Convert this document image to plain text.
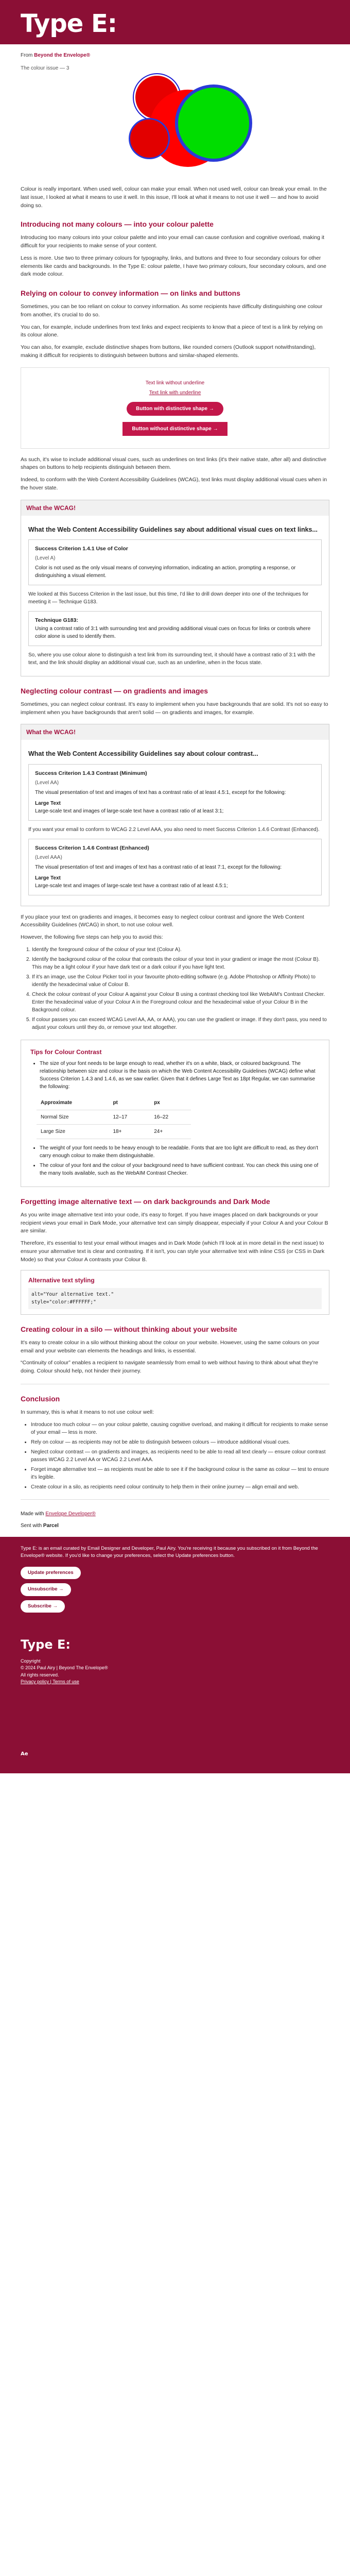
Type E:
From Beyond the Envelope®
The colour issue — 3

Colour is really important. When used well, colour can make your email. When not used well, colour can break your email. In the last issue, I looked at what it means to use it well. In this issue, I'll look at what it means to not use it well — and how to avoid doing so.

Introducing not many colours — into your colour palette

Introducing too many colours into your colour palette and into your email can cause confusion and cognitive overload, making it difficult for your recipients to make sense of your content.

Less is more. Use two to three primary colours for typography, links, and buttons and three to four secondary colours for other elements like cards and backgrounds. In the Type E: colour palette, I have two primary colours, four secondary colours, and one dark mode colour.

Relying on colour to convey information — on links and buttons

Sometimes, you can be too reliant on colour to convey information. As some recipients have difficulty distinguishing one colour from another, it's crucial to do so.

You can, for example, include underlines from text links and expect recipients to know that a piece of text is a link by relying on its colour alone.

You can also, for example, exclude distinctive shapes from buttons, like rounded corners (Outlook support notwithstanding), making it difficult for recipients to distinguish between buttons and similar-shaped elements.

Text link without underline
Text link with underline
Button with distinctive shape →
Button without distinctive shape →

As such, it's wise to include additional visual cues, such as underlines on text links (it's their native state, after all) and distinctive shapes on buttons to help recipients distinguish between them.

Indeed, to conform with the Web Content Accessibility Guidelines (WCAG), text links must display additional visual cues when in the hover state.

What the WCAG!
What the Web Content Accessibility Guidelines say about additional visual cues on text links...
Success Criterion 1.4.1 Use of Color
(Level A)
Color is not used as the only visual means of conveying information, indicating an action, prompting a response, or distinguishing a visual element.

We looked at this Success Criterion in the last issue, but this time, I'd like to drill down deeper into one of the techniques for meeting it — Technique G183.

Technique G183:
Using a contrast ratio of 3:1 with surrounding text and providing additional visual cues on focus for links or controls where color alone is used to identify them.

So, where you use colour alone to distinguish a text link from its surrounding text, it should have a contrast ratio of 3:1 with the text, and the link should display an additional visual cue, such as an underline, when in the focus state.

Neglecting colour contrast — on gradients and images

Sometimes, you can neglect colour contrast. It's easy to implement when you have backgrounds that are solid. It's not so easy to implement when you have backgrounds that aren't solid — on gradients and images, for example.

What the WCAG!
What the Web Content Accessibility Guidelines say about colour contrast...
Success Criterion 1.4.3 Contrast (Minimum)
(Level AA)
The visual presentation of text and images of text has a contrast ratio of at least 4.5:1, except for the following:
Large Text
Large-scale text and images of large-scale text have a contrast ratio of at least 3:1;

If you want your email to conform to WCAG 2.2 Level AAA, you also need to meet Success Criterion 1.4.6 Contrast (Enhanced).

Success Criterion 1.4.6 Contrast (Enhanced)
(Level AAA)
The visual presentation of text and images of text has a contrast ratio of at least 7:1, except for the following:
Large Text
Large-scale text and images of large-scale text have a contrast ratio of at least 4.5:1;

If you place your text on gradients and images, it becomes easy to neglect colour contrast and ignore the Web Content Accessibility Guidelines (WCAG) in short, to not use colour well.

However, the following five steps can help you to avoid this:

1. Identify the foreground colour of the colour of your text (Colour A).
2. Identify the background colour of the colour that contrasts the colour of your text in your gradient or image the most (Colour B). This may be a light colour if your have dark text or a dark colour if you have light text.
3. If it's an image, use the Colour Picker tool in your favourite photo-editing software (e.g. Adobe Photoshop or Affinity Photo) to identify the hexadecimal value of Colour B.
4. Check the colour contrast of your Colour A against your Colour B using a contrast checking tool like WebAIM's Contrast Checker. Enter the hexadecimal value of your Colour A in the Foreground colour and the hexadecimal value of your Colour B in the Background colour.
5. If colour passes you can exceed WCAG Level AA, AA, or AAA), you can use the gradient or image. If they don't pass, you need to adjust your colours until they do, or remove your text altogether.
Tips for Colour Contrast
• The size of your font needs to be large enough to read, whether it's on a white, black, or coloured background. The relationship between size and colour is the basis on which the Web Content Accessibility Guidelines (WCAG) define what Success Criterion 1.4.3 and 1.4.6, as we saw earlier. Given that it defines Large Text as 18pt Regular, we can summarise the following:
Approximate	pt	px
Normal Size	12–17	16–22
Large Size	18+	24+
• The weight of your font needs to be heavy enough to be readable. Fonts that are too light are difficult to read, as they don't carry enough colour to make them distinguishable.
• The colour of your font and the colour of your background need to have sufficient contrast. You can check this using one of the many tools available, such as the WebAIM Contrast Checker.
Forgetting image alternative text — on dark backgrounds and Dark Mode

As you write image alternative text into your code, it's easy to forget. If you have images placed on dark backgrounds or your recipient views your email in Dark Mode, your alternative text can simply disappear, especially if your Colour A and your Colour B are similar.

Therefore, it's essential to test your email without images and in Dark Mode (which I'll look at in more detail in the next issue) to ensure your alternative text is clear and contrasting. If it isn't, you can style your alternative text with inline CSS (or CSS in Dark Mode) so that your Colour A contrasts your Colour B.

Alternative text styling
alt="Your alternative text."
style="color:#FFFFFF;"
Creating colour in a silo — without thinking about your website

It's easy to create colour in a silo without thinking about the colour on your website. However, using the same colours on your email and your website can elements the headings and links, is essential.

“Continuity of colour” enables a recipient to navigate seamlessly from email to web without having to think about what they're doing. Colour should help, not hinder their journey.

Conclusion

In summary, this is what it means to not use colour well:

• Introduce too much colour — on your colour palette, causing cognitive overload, and making it difficult for recipients to make sense of your email — less is more.
• Rely on colour — as recipients may not be able to distinguish between colours — introduce additional visual cues.
• Neglect colour contrast — on gradients and images, as recipients need to be able to read all text clearly — ensure colour contrast passes WCAG 2.2 Level AA or WCAG 2.2 Level AAA.
• Forget image alternative text — as recipients must be able to see it if the background colour is the same as colour — test to ensure it's legible.
• Create colour in a silo, as recipients need colour continuity to help them in their online journey — align email and web.
Made with Envelope Developer®
Sent with Parcel

Type E: is an email curated by Email Designer and Developer, Paul Airy. You're receiving it because you subscribed on it from Beyond the Envelope® website. If you'd like to change your preferences, select the Update preferences button.

Update preferences
Unsubscribe →
Subscribe →
Type E:
Copyright
© 2024 Paul Airy | Beyond The Envelope®
All rights reserved.
Privacy policy | Terms of use
Ae
